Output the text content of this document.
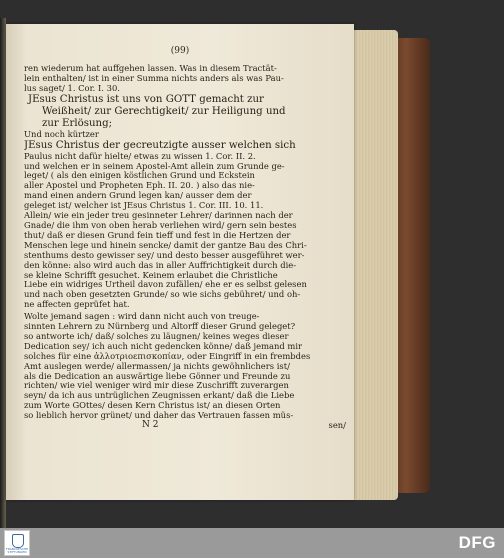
(99)
ren wiederum hat auffgehen lassen. Was in diesem Tractät-
lein enthalten/ ist in einer Summa nichts anders als was Pau-
lus saget/ 1. Cor. I. 30.
JEsus Christus ist uns von GOTT gemacht zur
Weißheit/ zur Gerechtigkeit/ zur Heiligung und
zur Erlösung;
Und noch kürtzer
JEsus Christus der gecreutzigte ausser welchen sich
Paulus nicht dafür hielte/ etwas zu wissen 1. Cor. II. 2.
und welchen er in seinem Apostel-Amt allein zum Grunde ge-
leget/ ( als den einigen köstlichen Grund und Eckstein
aller Apostel und Propheten Eph. II. 20. ) also das nie-
mand einen andern Grund legen kan/ ausser dem der
geleget ist/ welcher ist JEsus Christus 1. Cor. III. 10. 11.
Allein/ wie ein jeder treu gesinneter Lehrer/ darinnen nach der
Gnade/ die ihm von oben herab verliehen wird/ gern sein bestes
thut/ daß er diesen Grund fein tieff und fest in die Hertzen der
Menschen lege und hinein sencke/ damit der gantze Bau des Chri-
stenthums desto gewisser sey/ und desto besser ausgeführet wer-
den könne: also wird auch das in aller Auffrichtigkeit durch die-
se kleine Schrifft gesuchet. Keinem erlaubet die Christliche
Liebe ein widriges Urtheil davon zufällen/ ehe er es selbst gelesen
und nach oben gesetzten Grunde/ so wie sichs gebühret/ und oh-
ne affecten geprüfet hat.
Wolte jemand sagen : wird dann nicht auch von treuge-
sinnten Lehrern zu Nürnberg und Altorff dieser Grund geleget?
so antworte ich/ daß/ solches zu läugnen/ keines weges dieser
Dedication sey/ ich auch nicht gedencken könne/ daß jemand mir
solches für eine ἀλλοτριοεπισκοπίαν, oder Eingriff in ein frembdes
Amt auslegen werde/ allermassen/ ja nichts gewöhnlichers ist/
als die Dedication an auswärtige liebe Gönner und Freunde zu
richten/ wie viel weniger wird mir diese Zuschrifft zuverargen
seyn/ da ich aus untrüglichen Zeugnissen erkant/ daß die Liebe
zum Worte GOttes/ desen Kern Christus ist/ an diesen Orten
so lieblich hervor grünet/ und daher das Vertrauen fassen müs-
N 2	sen/
FRANCKESCHE STIFTUNGEN
DFG
